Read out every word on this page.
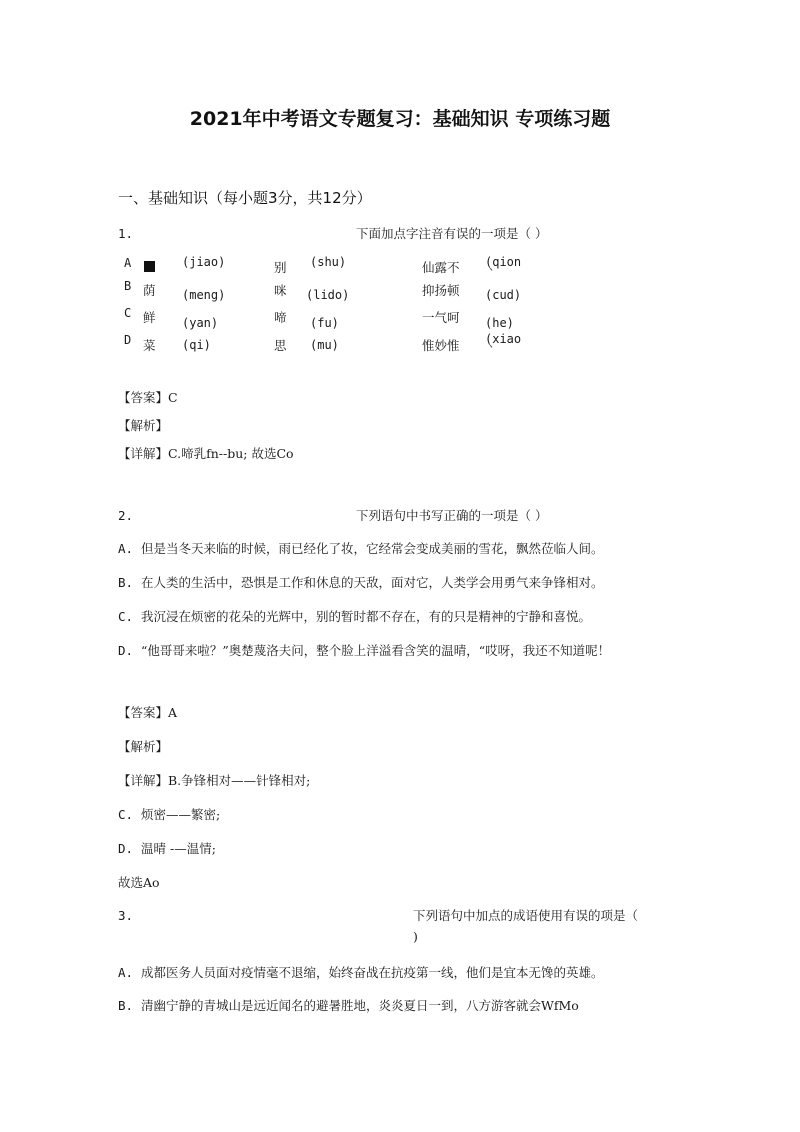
2021年中考语文专题复习：基础知识 专项练习题
一、基础知识（每小题3分，共12分）
1.	下面加点字注音有误的一项是（ ）
A	(jiao)	别 (shu)	仙露不 (qion
`
B 荫 (meng)	咪 (lido)	抑扬顿 (cud)
C 鲜 (yan)	啼 (fu)	一气呵 (he)
D 菜 (qi)	思 (mu)	惟妙惟 (xiao
`
【答案】C
【解析】
【详解】C.啼乳fn--bu; 故选Co
2.	下列语句中书写正确的一项是（ ）
A. 但是当冬天来临的时候，雨已经化了妆，它经常会变成美丽的雪花，飘然莅临人间。
B. 在人类的生活中，恐惧是工作和休息的天敌，面对它，人类学会用勇气来争锋相对。
C. 我沉浸在烦密的花朵的光辉中，别的暂时都不存在，有的只是精神的宁静和喜悦。
D. “他哥哥来啦？”奥楚蔑洛夫问，整个脸上洋溢看含笑的温晴，“哎呀，我还不知道呢！
【答案】A
【解析】
【详解】B.争锋相对——针锋相对;
C. 烦密——繁密;
D. 温晴 -—温情;
故选Ao
3.	下列语句中加点的成语使用有误的项是（
)
A. 成都医务人员面对疫情毫不退缩，始终奋战在抗疫第一线，他们是宜本无馋的英雄。
B. 清幽宁静的青城山是远近闻名的避暑胜地，炎炎夏日一到，八方游客就会WfMo
